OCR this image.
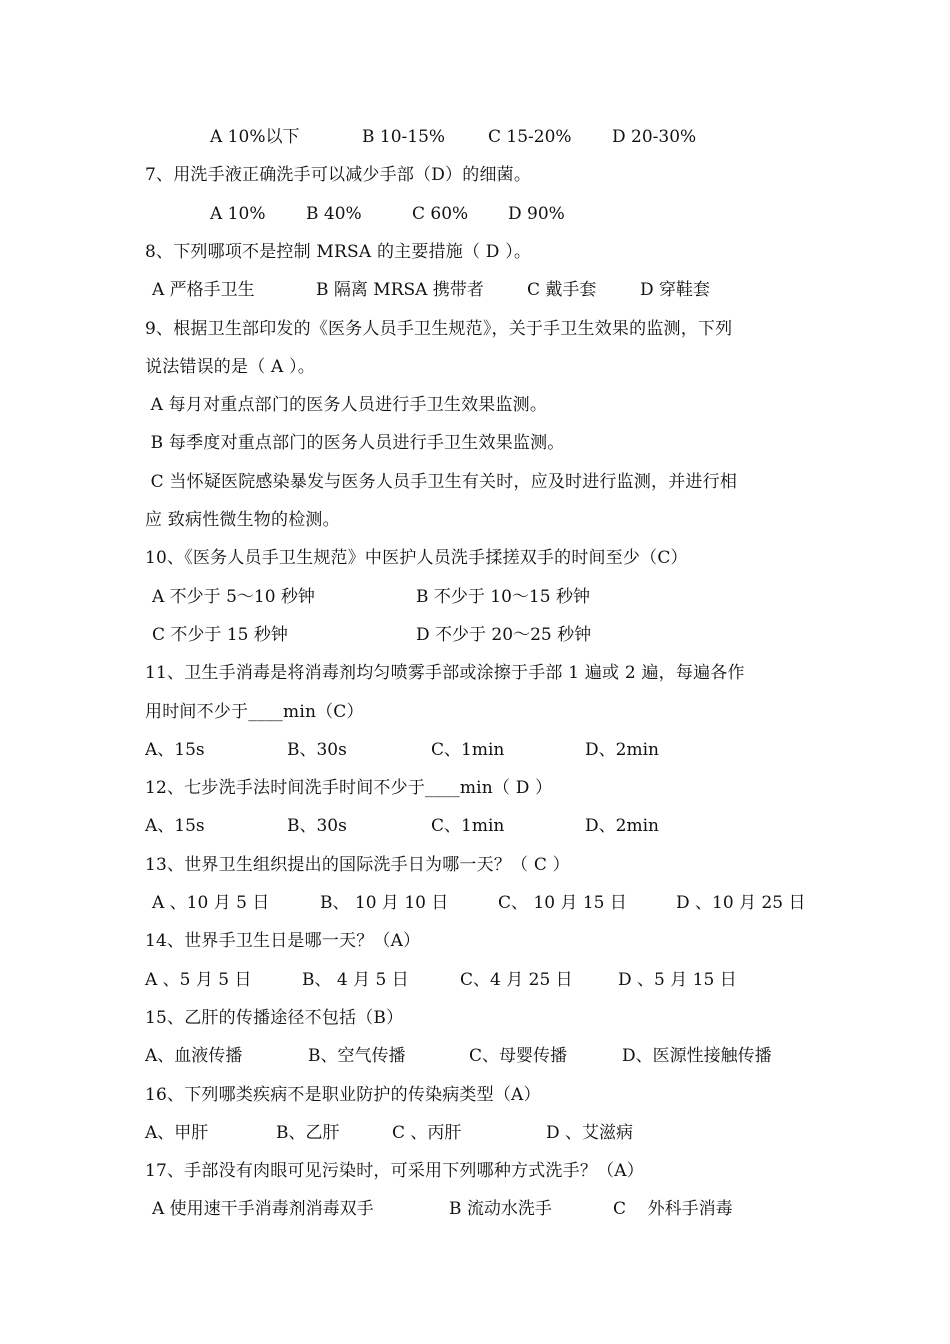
A 10%以下	B 10-15%	C 15-20% D 20-30%
7、用洗手液正确洗手可以减少手部（D）的细菌。
A 10% B 40%	C 60% D 90%
8、下列哪项不是控制 MRSA 的主要措施（ D ）。
A 严格手卫生	B 隔离 MRSA 携带者	C 戴手套	D 穿鞋套
9、根据卫生部印发的《医务人员手卫生规范》，关于手卫生效果的监测，下列
说法错误的是（ A ）。
A 每月对重点部门的医务人员进行手卫生效果监测。
B 每季度对重点部门的医务人员进行手卫生效果监测。
C 当怀疑医院感染暴发与医务人员手卫生有关时，应及时进行监测，并进行相
应 致病性微生物的检测。
10、《医务人员手卫生规范》中医护人员洗手揉搓双手的时间至少（C）
A 不少于 5～10 秒钟	B 不少于 10～15 秒钟
C 不少于 15 秒钟	D 不少于 20～25 秒钟
11、卫生手消毒是将消毒剂均匀喷雾手部或涂擦于手部 1 遍或 2 遍，每遍各作
用时间不少于____min（C）
A、15s	B、30s	C、1min	D、2min
12、七步洗手法时间洗手时间不少于____min（ D ）
A、15s	B、30s	C、1min	D、2min
13、世界卫生组织提出的国际洗手日为哪一天？（ C ）
A 、10 月 5 日	B、 10 月 10 日	C、 10 月 15 日	D 、10 月 25 日
14、世界手卫生日是哪一天？（A）
A 、5 月 5 日	B、 4 月 5 日	C、4 月 25 日	D 、5 月 15 日
15、乙肝的传播途径不包括（B）
A、血液传播	B、空气传播	C、母婴传播	D、医源性接触传播
16、下列哪类疾病不是职业防护的传染病类型（A）
A、甲肝	B、乙肝	C 、丙肝	D 、艾滋病
17、手部没有肉眼可见污染时，可采用下列哪种方式洗手？（A）
A 使用速干手消毒剂消毒双手	B 流动水洗手	C    外科手消毒
